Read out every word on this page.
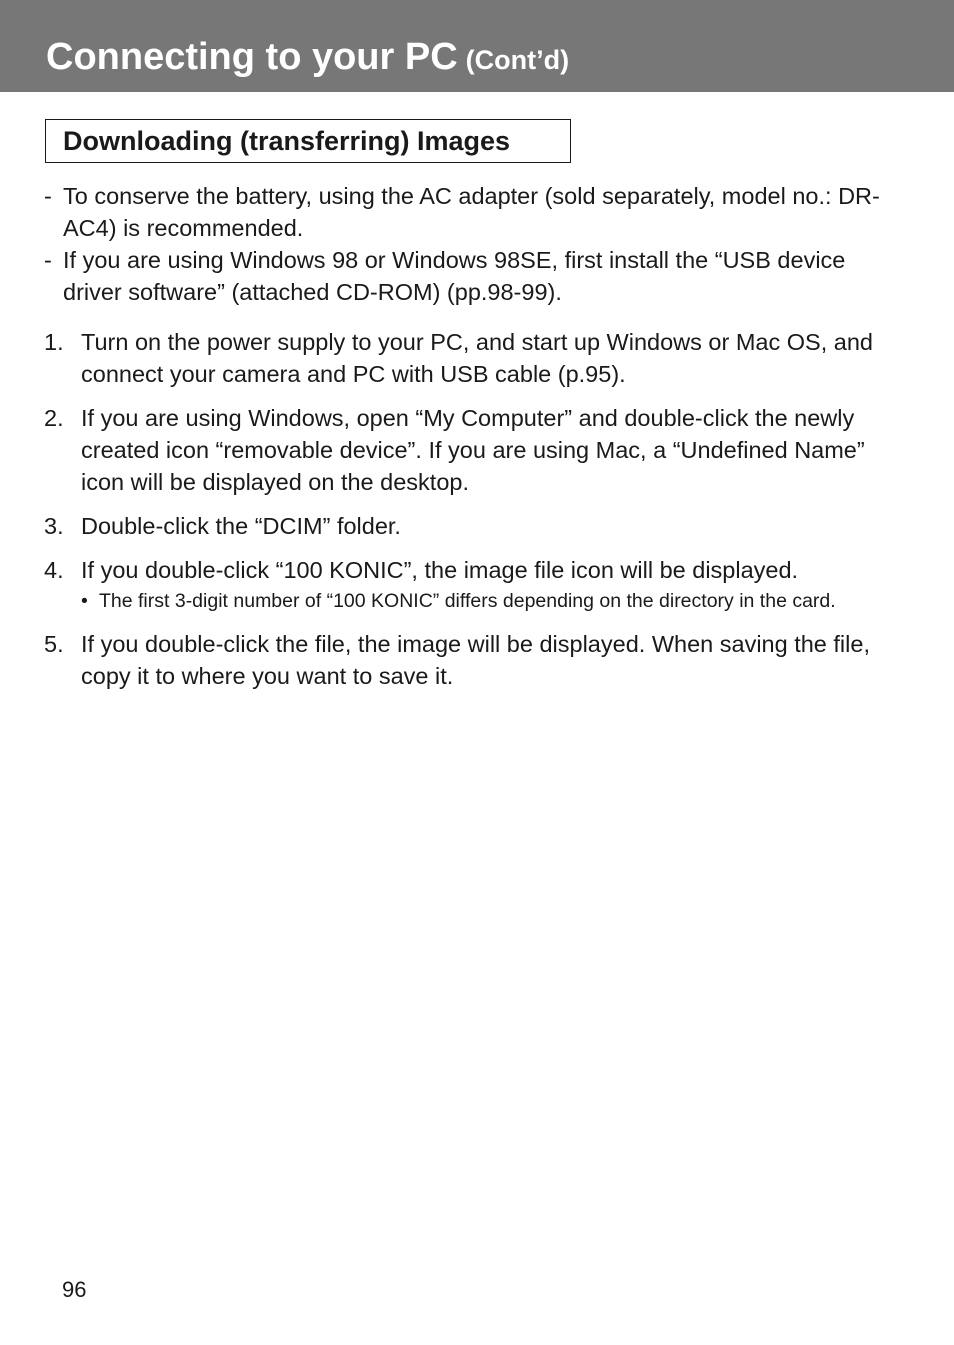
Connecting to your PC (Cont’d)
Downloading (transferring) Images
- To conserve the battery, using the AC adapter (sold separately, model no.: DR-AC4) is recommended.
- If you are using Windows 98 or Windows 98SE, first install the “USB device driver software” (attached CD-ROM) (pp.98-99).
1. Turn on the power supply to your PC, and start up Windows or Mac OS, and connect your camera and PC with USB cable (p.95).
2. If you are using Windows, open “My Computer” and double-click the newly created icon “removable device”. If you are using Mac, a “Undefined Name” icon will be displayed on the desktop.
3. Double-click the “DCIM” folder.
4. If you double-click “100 KONIC”, the image file icon will be displayed.
• The first 3-digit number of “100 KONIC” differs depending on the directory in the card.
5. If you double-click the file, the image will be displayed. When saving the file, copy it to where you want to save it.
96
